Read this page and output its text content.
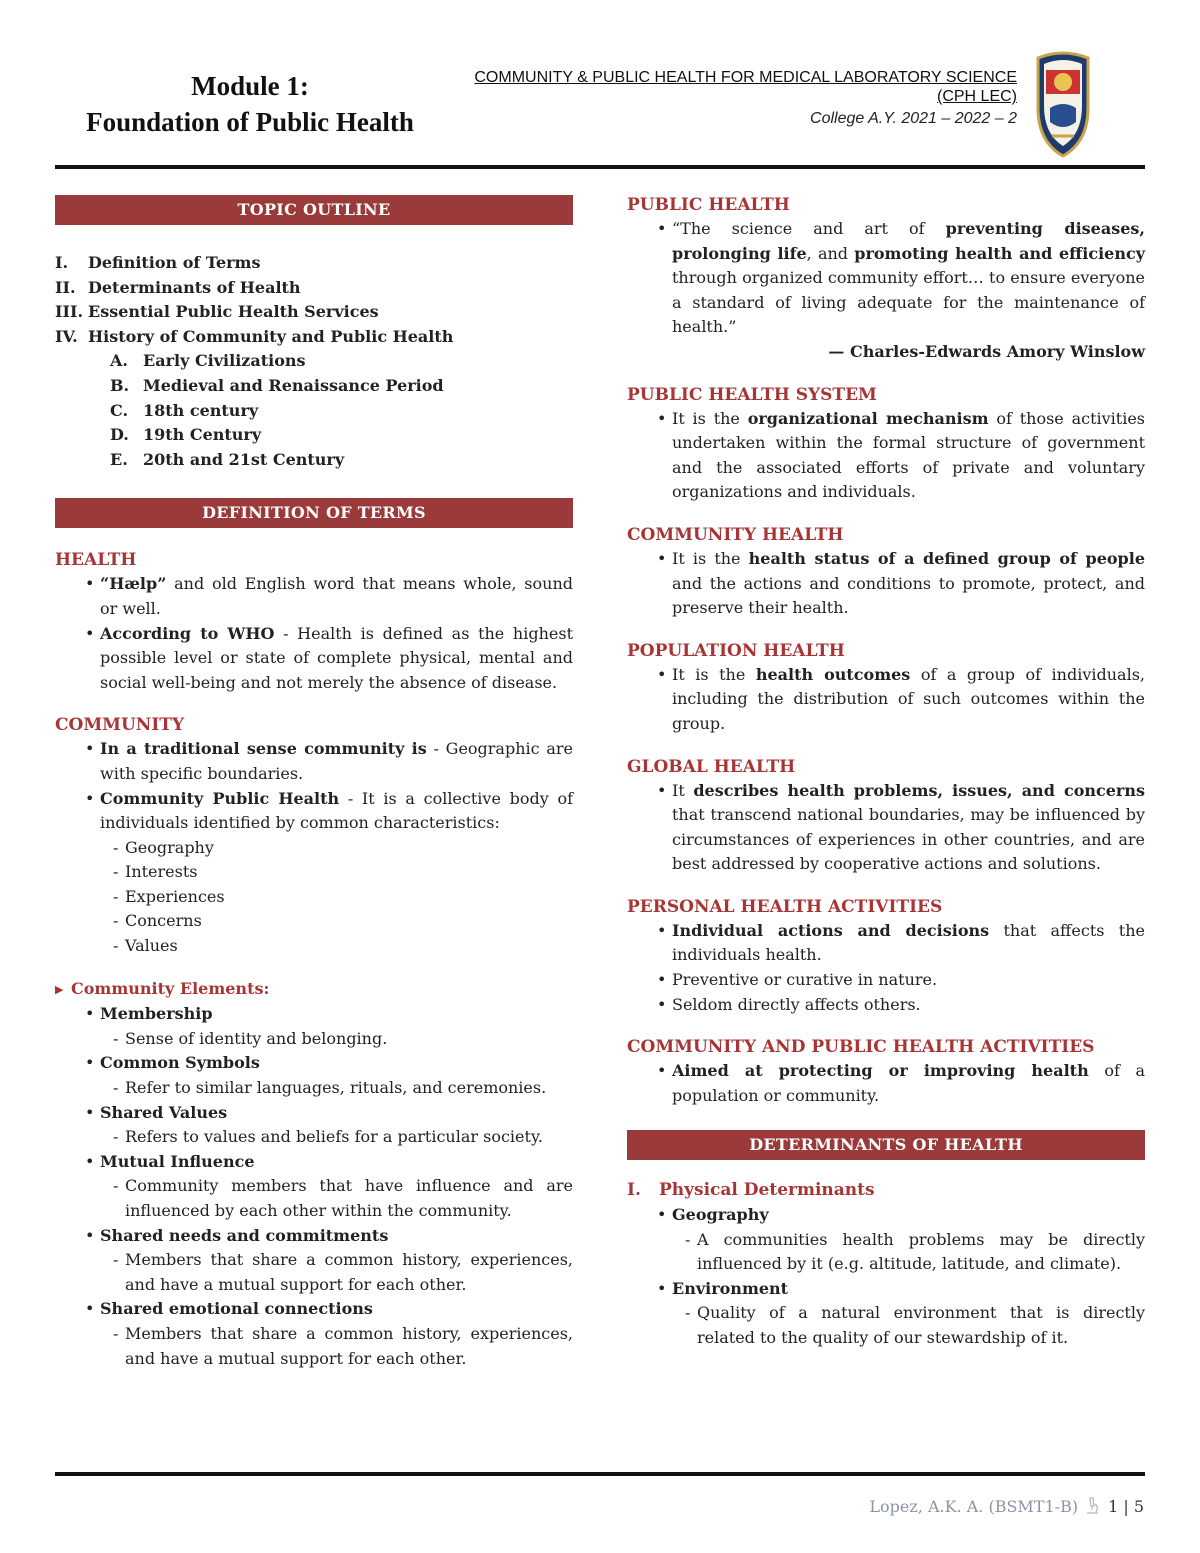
Module 1:
Foundation of Public Health
COMMUNITY & PUBLIC HEALTH FOR MEDICAL LABORATORY SCIENCE
(CPH LEC)
College A.Y. 2021 – 2022 – 2
TOPIC OUTLINE
I.	Definition of Terms
II. Determinants of Health
III. Essential Public Health Services
IV. History of Community and Public Health
A. Early Civilizations
B. Medieval and Renaissance Period
C. 18th century
D. 19th Century
E. 20th and 21st Century
DEFINITION OF TERMS
HEALTH
• “Hælp” and old English word that means whole, sound or well.
• According to WHO - Health is defined as the highest possible level or state of complete physical, mental and social well-being and not merely the absence of disease.
COMMUNITY
• In a traditional sense community is - Geographic are with specific boundaries.
• Community Public Health - It is a collective body of individuals identified by common characteristics:
- Geography
- Interests
- Experiences
- Concerns
- Values
▶ Community Elements:
• Membership
- Sense of identity and belonging.
• Common Symbols
- Refer to similar languages, rituals, and ceremonies.
• Shared Values
- Refers to values and beliefs for a particular society.
• Mutual Influence
- Community members that have influence and are influenced by each other within the community.
• Shared needs and commitments
- Members that share a common history, experiences, and have a mutual support for each other.
• Shared emotional connections
- Members that share a common history, experiences, and have a mutual support for each other.
PUBLIC HEALTH
• “The science and art of preventing diseases, prolonging life, and promoting health and efficiency through organized community effort… to ensure everyone a standard of living adequate for the maintenance of health.”
— Charles-Edwards Amory Winslow
PUBLIC HEALTH SYSTEM
• It is the organizational mechanism of those activities undertaken within the formal structure of government and the associated efforts of private and voluntary organizations and individuals.
COMMUNITY HEALTH
• It is the health status of a defined group of people and the actions and conditions to promote, protect, and preserve their health.
POPULATION HEALTH
• It is the health outcomes of a group of individuals, including the distribution of such outcomes within the group.
GLOBAL HEALTH
• It describes health problems, issues, and concerns that transcend national boundaries, may be influenced by circumstances of experiences in other countries, and are best addressed by cooperative actions and solutions.
PERSONAL HEALTH ACTIVITIES
• Individual actions and decisions that affects the individuals health.
• Preventive or curative in nature.
• Seldom directly affects others.
COMMUNITY AND PUBLIC HEALTH ACTIVITIES
• Aimed at protecting or improving health of a population or community.
DETERMINANTS OF HEALTH
I.	Physical Determinants
• Geography
- A communities health problems may be directly influenced by it (e.g. altitude, latitude, and climate).
• Environment
- Quality of a natural environment that is directly related to the quality of our stewardship of it.
Lopez, A.K. A. (BSMT1-B) 1 | 5
